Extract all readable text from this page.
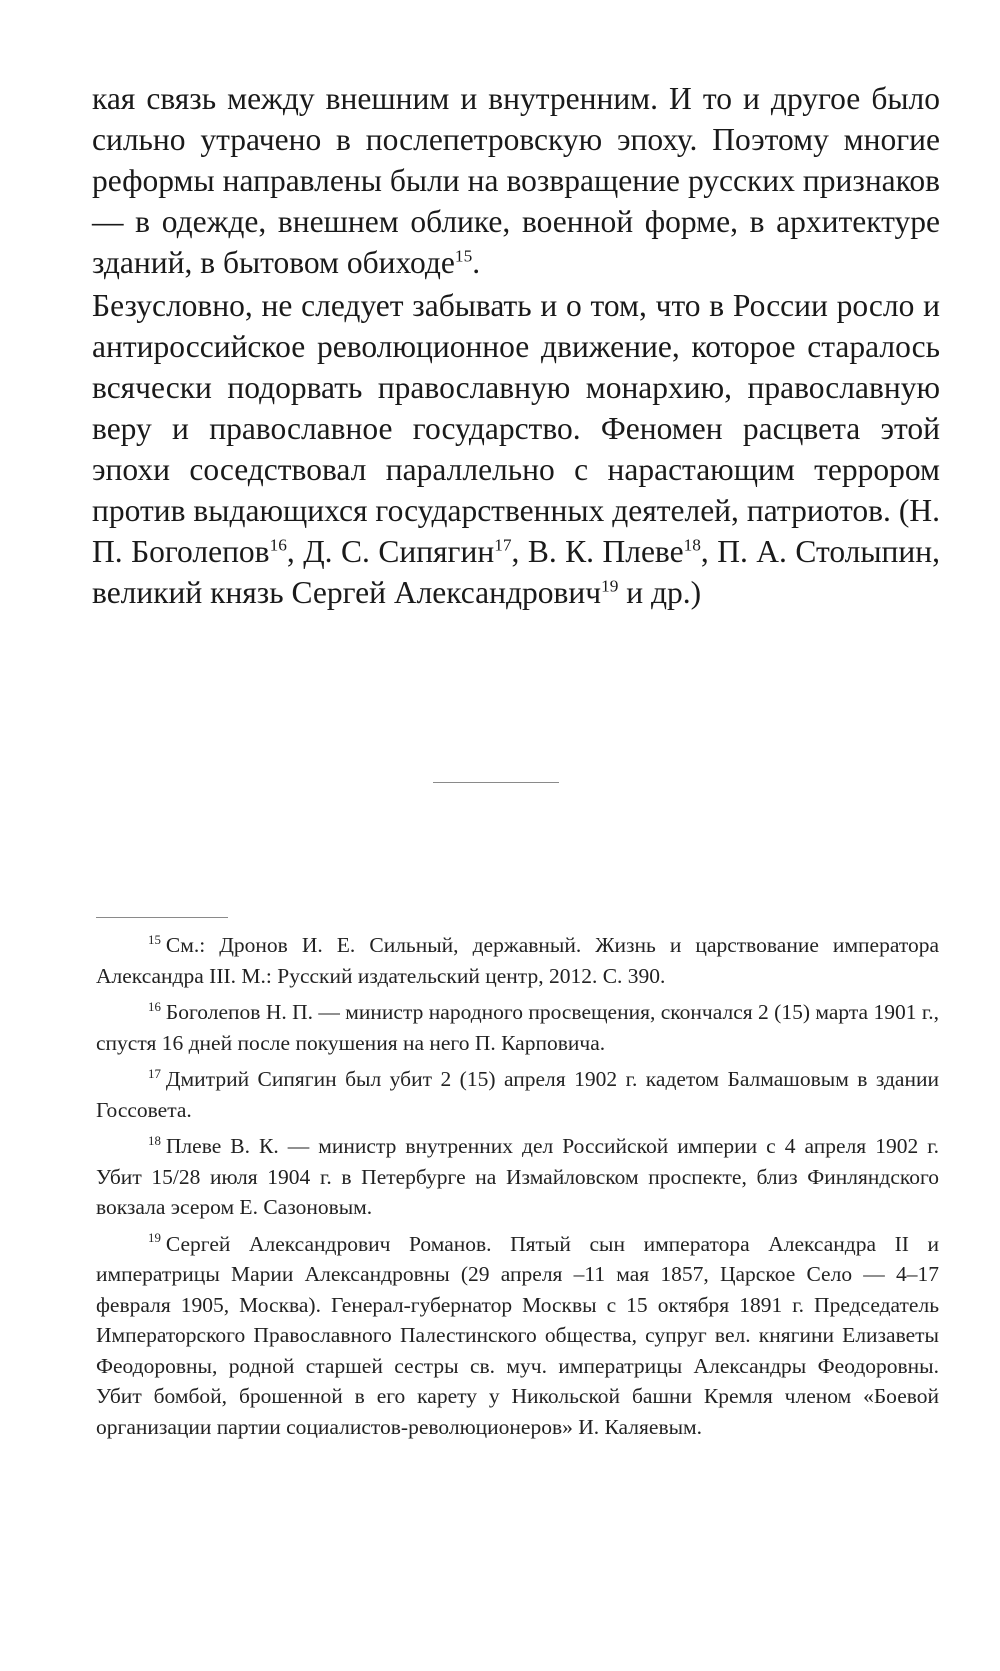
кая связь между внешним и внутренним. И то и другое было сильно утрачено в послепетровскую эпоху. Поэтому многие реформы направлены были на возвращение русских признаков — в одежде, внешнем облике, военной форме, в архитектуре зданий, в бытовом обиходе$^{15}$.

Безусловно, не следует забывать и о том, что в России росло и антироссийское революционное движение, которое старалось всячески подорвать православную монархию, православную веру и православное государство. Феномен расцвета этой эпохи соседствовал параллельно с нарастающим террором против выдающихся государственных деятелей, патриотов. (Н. П. Боголепов$^{16}$, Д. С. Сипягин$^{17}$, В. К. Плеве$^{18}$, П. А. Столыпин, великий князь Сергей Александрович$^{19}$ и др.)

$^{15}$ См.: Дронов И. Е. Сильный, державный. Жизнь и царствование императора Александра III. М.: Русский издательский центр, 2012. С. 390.

$^{16}$ Боголепов Н. П. — министр народного просвещения, скончался 2 (15) марта 1901 г., спустя 16 дней после покушения на него П. Карповича.

$^{17}$ Дмитрий Сипягин был убит 2 (15) апреля 1902 г. кадетом Балмашовым в здании Госсовета.

$^{18}$ Плеве В. К. — министр внутренних дел Российской империи с 4 апреля 1902 г. Убит 15/28 июля 1904 г. в Петербурге на Измайловском проспекте, близ Финляндского вокзала эсером Е. Сазоновым.

$^{19}$ Сергей Александрович Романов. Пятый сын императора Александра II и императрицы Марии Александровны (29 апреля –11 мая 1857, Царское Село — 4–17 февраля 1905, Москва). Генерал-губернатор Москвы с 15 октября 1891 г. Председатель Императорского Православного Палестинского общества, супруг вел. княгини Елизаветы Феодоровны, родной старшей сестры св. муч. императрицы Александры Феодоровны. Убит бомбой, брошенной в его карету у Никольской башни Кремля членом «Боевой организации партии социалистов-революционеров» И. Каляевым.
